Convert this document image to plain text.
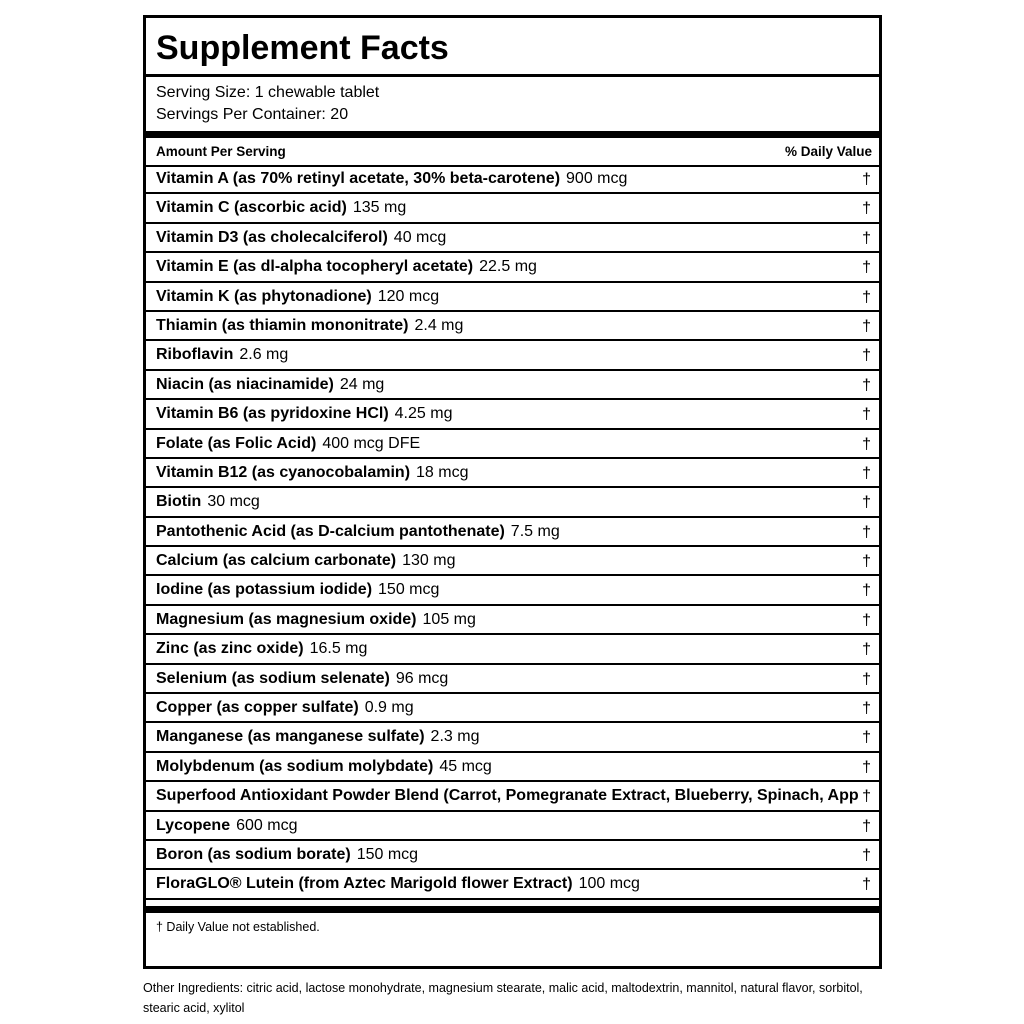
Supplement Facts
Serving Size: 1 chewable tablet
Servings Per Container: 20
Amount Per Serving	% Daily Value
Vitamin A (as 70% retinyl acetate, 30% beta-carotene) 900 mcg	†
Vitamin C (ascorbic acid) 135 mg	†
Vitamin D3 (as cholecalciferol) 40 mcg	†
Vitamin E (as dl-alpha tocopheryl acetate) 22.5 mg	†
Vitamin K (as phytonadione) 120 mcg	†
Thiamin (as thiamin mononitrate) 2.4 mg	†
Riboflavin 2.6 mg	†
Niacin (as niacinamide) 24 mg	†
Vitamin B6 (as pyridoxine HCl) 4.25 mg	†
Folate (as Folic Acid) 400 mcg DFE	†
Vitamin B12 (as cyanocobalamin) 18 mcg	†
Biotin 30 mcg	†
Pantothenic Acid (as D-calcium pantothenate) 7.5 mg	†
Calcium (as calcium carbonate) 130 mg	†
Iodine (as potassium iodide) 150 mcg	†
Magnesium (as magnesium oxide) 105 mg	†
Zinc (as zinc oxide) 16.5 mg	†
Selenium (as sodium selenate) 96 mcg	†
Copper (as copper sulfate) 0.9 mg	†
Manganese (as manganese sulfate) 2.3 mg	†
Molybdenum (as sodium molybdate) 45 mcg	†
Superfood Antioxidant Powder Blend (Carrot, Pomegranate Extract, Blueberry, Spinach, App †
Lycopene 600 mcg	†
Boron (as sodium borate) 150 mcg	†
FloraGLO® Lutein (from Aztec Marigold flower Extract) 100 mcg	†
† Daily Value not established.
Other Ingredients: citric acid, lactose monohydrate, magnesium stearate, malic acid, maltodextrin, mannitol, natural flavor, sorbitol, stearic acid, xylitol
